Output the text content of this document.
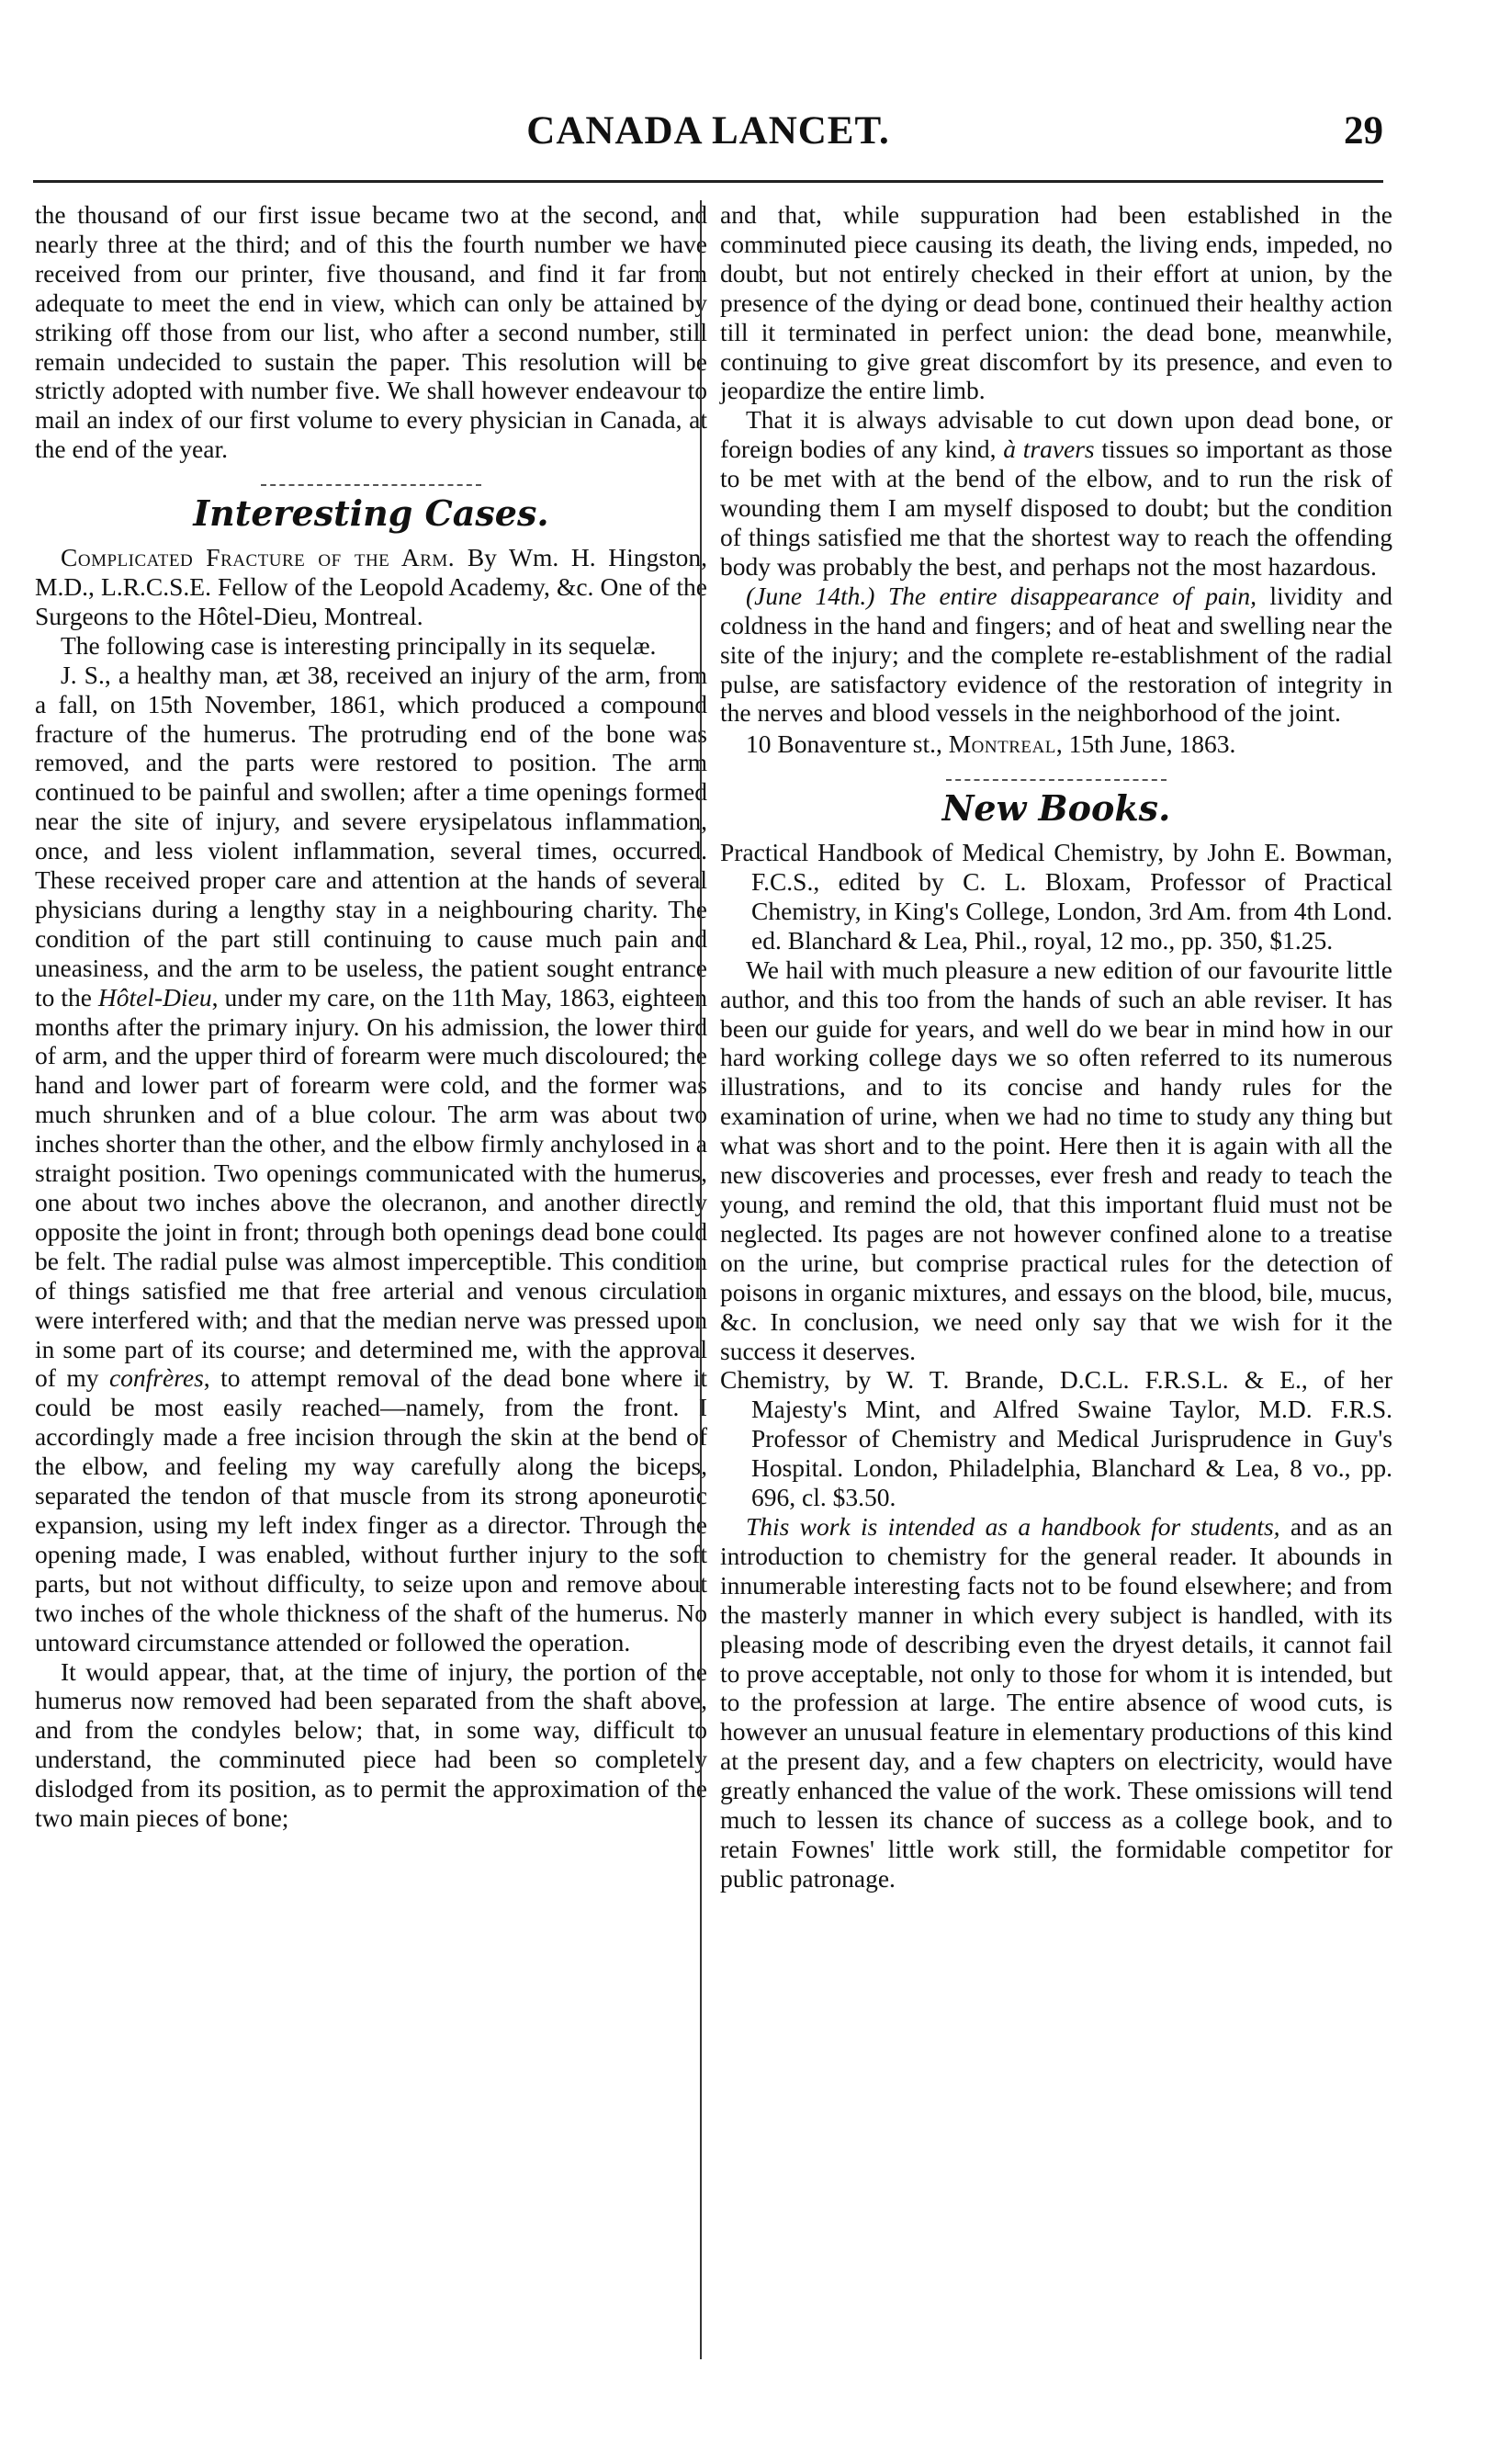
CANADA LANCET.	29

the thousand of our first issue became two at the second, and nearly three at the third; and of this the fourth number we have received from our printer, five thousand, and find it far from adequate to meet the end in view, which can only be attained by striking off those from our list, who after a second number, still remain undecided to sustain the paper. This resolution will be strictly adopted with number five. We shall however endeavour to mail an index of our first volume to every physician in Canada, at the end of the year.

Interesting Cases.

Complicated Fracture of the Arm. By Wm. H. Hingston, M.D., L.R.C.S.E. Fellow of the Leopold Academy, &c. One of the Surgeons to the Hôtel-Dieu, Montreal.

The following case is interesting principally in its sequelæ.

J. S., a healthy man, æt 38, received an injury of the arm, from a fall, on 15th November, 1861, which produced a compound fracture of the humerus. The protruding end of the bone was removed, and the parts were restored to position. The arm continued to be painful and swollen; after a time openings formed near the site of injury, and severe erysipelatous inflammation, once, and less violent inflammation, several times, occurred. These received proper care and attention at the hands of several physicians during a lengthy stay in a neighbouring charity. The condition of the part still continuing to cause much pain and uneasiness, and the arm to be useless, the patient sought entrance to the Hôtel-Dieu, under my care, on the 11th May, 1863, eighteen months after the primary injury. On his admission, the lower third of arm, and the upper third of forearm were much discoloured; the hand and lower part of forearm were cold, and the former was much shrunken and of a blue colour. The arm was about two inches shorter than the other, and the elbow firmly anchylosed in a straight position. Two openings communicated with the humerus, one about two inches above the olecranon, and another directly opposite the joint in front; through both openings dead bone could be felt. The radial pulse was almost imperceptible. This condition of things satisfied me that free arterial and venous circulation were interfered with; and that the median nerve was pressed upon in some part of its course; and determined me, with the approval of my confrères, to attempt removal of the dead bone where it could be most easily reached—namely, from the front. I accordingly made a free incision through the skin at the bend of the elbow, and feeling my way carefully along the biceps, separated the tendon of that muscle from its strong aponeurotic expansion, using my left index finger as a director. Through the opening made, I was enabled, without further injury to the soft parts, but not without difficulty, to seize upon and remove about two inches of the whole thickness of the shaft of the humerus. No untoward circumstance attended or followed the operation.

It would appear, that, at the time of injury, the portion of the humerus now removed had been separated from the shaft above, and from the condyles below; that, in some way, difficult to understand, the comminuted piece had been so completely dislodged from its position, as to permit the approximation of the two main pieces of bone;

and that, while suppuration had been established in the comminuted piece causing its death, the living ends, impeded, no doubt, but not entirely checked in their effort at union, by the presence of the dying or dead bone, continued their healthy action till it terminated in perfect union: the dead bone, meanwhile, continuing to give great discomfort by its presence, and even to jeopardize the entire limb.

That it is always advisable to cut down upon dead bone, or foreign bodies of any kind, à travers tissues so important as those to be met with at the bend of the elbow, and to run the risk of wounding them I am myself disposed to doubt; but the condition of things satisfied me that the shortest way to reach the offending body was probably the best, and perhaps not the most hazardous.

(June 14th.) The entire disappearance of pain, lividity and coldness in the hand and fingers; and of heat and swelling near the site of the injury; and the complete re-establishment of the radial pulse, are satisfactory evidence of the restoration of integrity in the nerves and blood vessels in the neighborhood of the joint.

10 Bonaventure st., Montreal, 15th June, 1863.

New Books.

Practical Handbook of Medical Chemistry, by John E. Bowman, F.C.S., edited by C. L. Bloxam, Professor of Practical Chemistry, in King's College, London, 3rd Am. from 4th Lond. ed. Blanchard & Lea, Phil., royal, 12 mo., pp. 350, $1.25.

We hail with much pleasure a new edition of our favourite little author, and this too from the hands of such an able reviser. It has been our guide for years, and well do we bear in mind how in our hard working college days we so often referred to its numerous illustrations, and to its concise and handy rules for the examination of urine, when we had no time to study any thing but what was short and to the point. Here then it is again with all the new discoveries and processes, ever fresh and ready to teach the young, and remind the old, that this important fluid must not be neglected. Its pages are not however confined alone to a treatise on the urine, but comprise practical rules for the detection of poisons in organic mixtures, and essays on the blood, bile, mucus, &c. In conclusion, we need only say that we wish for it the success it deserves.

Chemistry, by W. T. Brande, D.C.L. F.R.S.L. & E., of her Majesty's Mint, and Alfred Swaine Taylor, M.D. F.R.S. Professor of Chemistry and Medical Jurisprudence in Guy's Hospital. London, Philadelphia, Blanchard & Lea, 8 vo., pp. 696, cl. $3.50.

This work is intended as a handbook for students, and as an introduction to chemistry for the general reader. It abounds in innumerable interesting facts not to be found elsewhere; and from the masterly manner in which every subject is handled, with its pleasing mode of describing even the dryest details, it cannot fail to prove acceptable, not only to those for whom it is intended, but to the profession at large. The entire absence of wood cuts, is however an unusual feature in elementary productions of this kind at the present day, and a few chapters on electricity, would have greatly enhanced the value of the work. These omissions will tend much to lessen its chance of success as a college book, and to retain Fownes' little work still, the formidable competitor for public patronage.
